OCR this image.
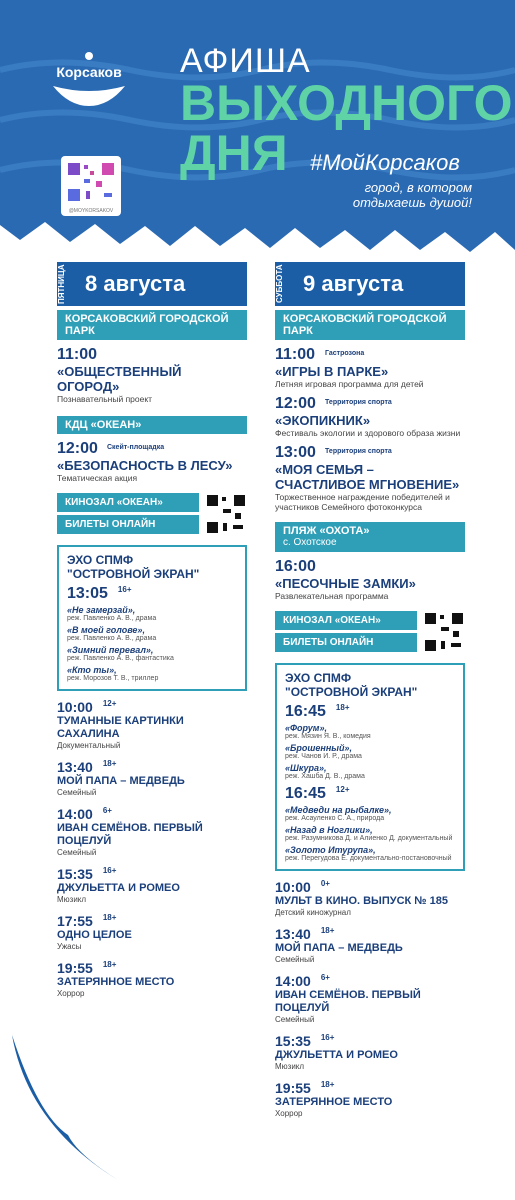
Корсаков	АФИША
ВЫХОДНОГО
ДНЯ
@MOYKORSAKOV
#МойКорсаков
город, в котором
отдыхаешь душой!
ПЯТНИЦА 8 августа
КОРСАКОВСКИЙ ГОРОДСКОЙ ПАРК
11:00
«ОБЩЕСТВЕННЫЙ ОГОРОД»
Познавательный проект
КДЦ «ОКЕАН»
12:00	Скейт-площадка
«БЕЗОПАСНОСТЬ В ЛЕСУ»
Тематическая акция
КИНОЗАЛ «ОКЕАН»
БИЛЕТЫ ОНЛАЙН
ЭХО СПМФ
"ОСТРОВНОЙ ЭКРАН"
13:05 $^{16+}$
«Не замерзай»,
реж. Павленко А. В., драма
«В моей голове»,
реж. Павленко А. В., драма
«Зимний перевал»,
реж. Павленко А. В., фантастика
«Кто ты»,
реж. Морозов Т. В., триллер
10:00 $^{12+}$
ТУМАННЫЕ КАРТИНКИ САХАЛИНА
Документальный
13:40 $^{18+}$
МОЙ ПАПА – МЕДВЕДЬ
Семейный
14:00 $^{6+}$
ИВАН СЕМЁНОВ. ПЕРВЫЙ ПОЦЕЛУЙ
Семейный
15:35 $^{16+}$
ДЖУЛЬЕТТА И РОМЕО
Мюзикл
17:55 $^{18+}$
ОДНО ЦЕЛОЕ
Ужасы
19:55 $^{18+}$
ЗАТЕРЯННОЕ МЕСТО
Хоррор
СУББОТА 9 августа
КОРСАКОВСКИЙ ГОРОДСКОЙ ПАРК
11:00	Гастрозона
«ИГРЫ В ПАРКЕ»
Летняя игровая программа для детей
12:00	Территория спорта
«ЭКОПИКНИК»
Фестиваль экологии и здорового образа жизни
13:00	Территория спорта
«МОЯ СЕМЬЯ – СЧАСТЛИВОЕ МГНОВЕНИЕ»
Торжественное награждение победителей и участников Семейного фотоконкурса
ПЛЯЖ «ОХОТА»
с. Охотское
16:00
«ПЕСОЧНЫЕ ЗАМКИ»
Развлекательная программа
КИНОЗАЛ «ОКЕАН»
БИЛЕТЫ ОНЛАЙН
ЭХО СПМФ
"ОСТРОВНОЙ ЭКРАН"
16:45 $^{18+}$
«Форум»,
реж. Мязин Я. В., комедия
«Брошенный»,
реж. Чанов И. Р., драма
«Шкура»,
реж. Хашба Д. В., драма
16:45 $^{12+}$
«Медведи на рыбалке»,
реж. Асауленко С. А., природа
«Назад в Ноглики»,
реж. Разумникова Д. и Алиенко Д. документальный
«Золото Итурупа»,
реж. Перегудова Е. документально-постановочный
10:00 $^{0+}$
МУЛЬТ В КИНО. ВЫПУСК № 185
Детский киножурнал
13:40 $^{18+}$
МОЙ ПАПА – МЕДВЕДЬ
Семейный
14:00 $^{6+}$
ИВАН СЕМЁНОВ. ПЕРВЫЙ ПОЦЕЛУЙ
Семейный
15:35 $^{16+}$
ДЖУЛЬЕТТА И РОМЕО
Мюзикл
19:55 $^{18+}$
ЗАТЕРЯННОЕ МЕСТО
Хоррор
